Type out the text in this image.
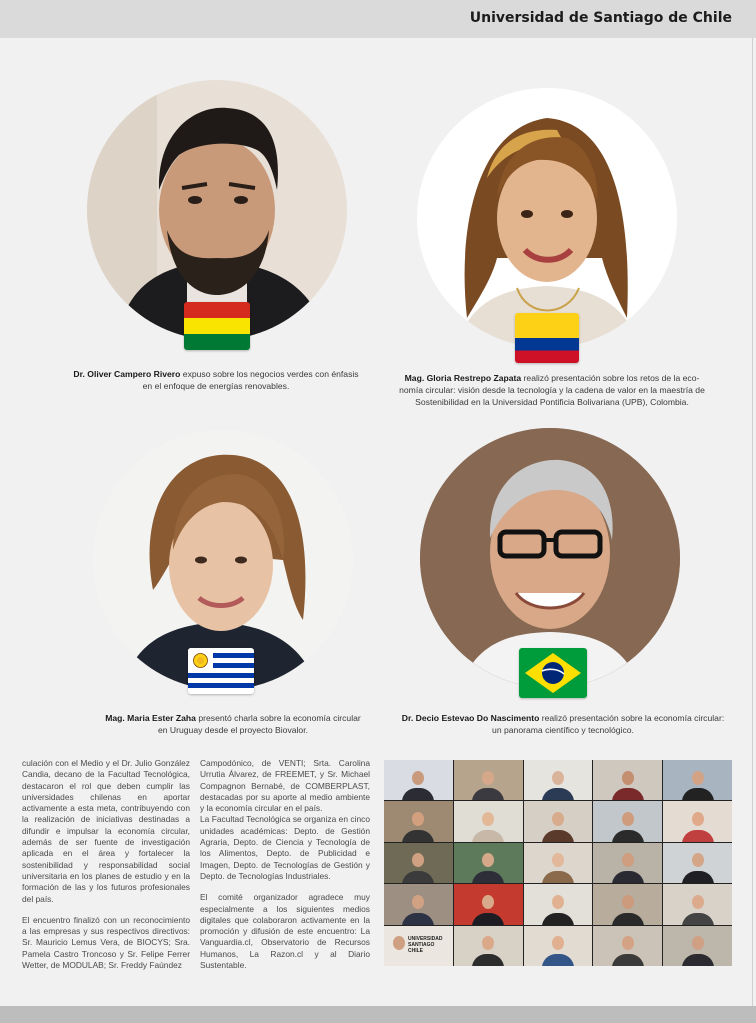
Universidad de Santiago de Chile
Dr. Oliver Campero Rivero expuso sobre los negocios verdes con énfasis
en el enfoque de energías renovables.
Mag. Gloria Restrepo Zapata realizó presentación sobre los retos de la eco-
nomía circular: visión desde la tecnología y la cadena de valor en la maestría de
Sostenibilidad en la Universidad Pontificia Bolivariana (UPB), Colombia.
Mag. Maria Ester Zaha presentó charla sobre la economía circular
en Uruguay desde el proyecto Biovalor.
Dr. Decio Estevao Do Nascimento realizó presentación sobre la economía circular:
un panorama científico y tecnológico.

culación con el Medio y el Dr. Julio González Candia, decano de la Facultad Tecnológica, destacaron el rol que deben cumplir las universidades chilenas en aportar activamente a esta meta, contribuyendo con la realización de iniciativas destinadas a difundir e impulsar la economía circular, además de ser fuente de investigación aplicada en el área y fortalecer la sostenibilidad y responsabilidad social universitaria en los planes de estudio y en la formación de las y los futuros profesionales del país.

El encuentro finalizó con un reconocimiento a las empresas y sus respectivos directivos: Sr. Mauricio Lemus Vera, de BIOCYS; Sra. Pamela Castro Troncoso y Sr. Felipe Ferrer Wetter, de MODULAB; Sr. Freddy Faúndez

Campodónico, de VENTI; Srta. Carolina Urrutia Álvarez, de FREEMET, y Sr. Michael Compagnon Bernabé, de COMBERPLAST, destacadas por su aporte al medio ambiente y la economía circular en el país.

La Facultad Tecnológica se organiza en cinco unidades académicas: Depto. de Gestión Agraria, Depto. de Ciencia y Tecnología de los Alimentos, Depto. de Publicidad e Imagen, Depto. de Tecnologías de Gestión y Depto. de Tecnologías Industriales.

El comité organizador agradece muy especialmente a los siguientes medios digitales que colaboraron activamente en la promoción y difusión de este encuentro: La Vanguardia.cl, Observatorio de Recursos Humanos, La Razon.cl y al Diario Sustentable.

UNIVERSIDAD
SANTIAGO
CHILE
